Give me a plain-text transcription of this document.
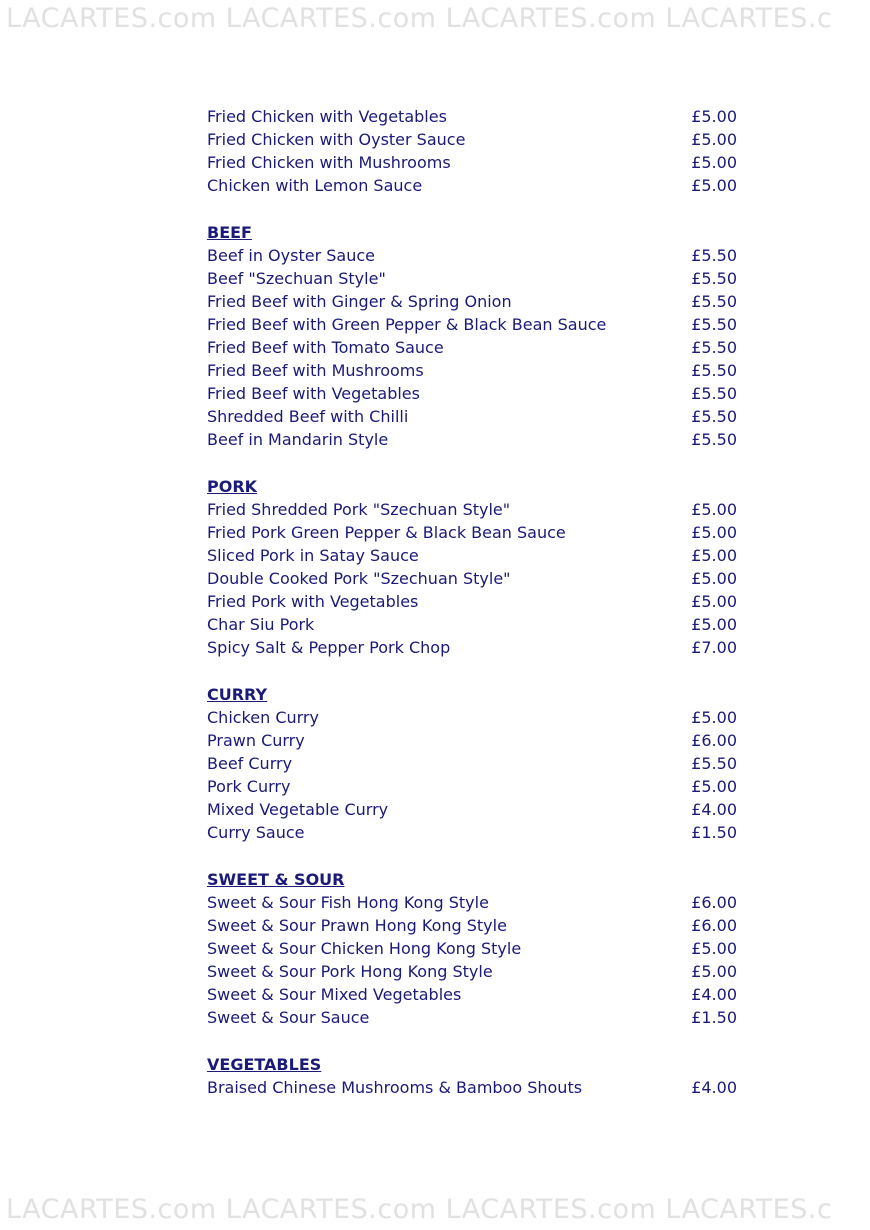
LACARTES.com LACARTES.com LACARTES.com LACARTES.c
Fried Chicken with Vegetables	£5.00
Fried Chicken with Oyster Sauce	£5.00
Fried Chicken with Mushrooms	£5.00
Chicken with Lemon Sauce	£5.00
BEEF
Beef in Oyster Sauce	£5.50
Beef "Szechuan Style"	£5.50
Fried Beef with Ginger & Spring Onion	£5.50
Fried Beef with Green Pepper & Black Bean Sauce	£5.50
Fried Beef with Tomato Sauce	£5.50
Fried Beef with Mushrooms	£5.50
Fried Beef with Vegetables	£5.50
Shredded Beef with Chilli	£5.50
Beef in Mandarin Style	£5.50
PORK
Fried Shredded Pork "Szechuan Style"	£5.00
Fried Pork Green Pepper & Black Bean Sauce	£5.00
Sliced Pork in Satay Sauce	£5.00
Double Cooked Pork "Szechuan Style"	£5.00
Fried Pork with Vegetables	£5.00
Char Siu Pork	£5.00
Spicy Salt & Pepper Pork Chop	£7.00
CURRY
Chicken Curry	£5.00
Prawn Curry	£6.00
Beef Curry	£5.50
Pork Curry	£5.00
Mixed Vegetable Curry	£4.00
Curry Sauce	£1.50
SWEET & SOUR
Sweet & Sour Fish Hong Kong Style	£6.00
Sweet & Sour Prawn Hong Kong Style	£6.00
Sweet & Sour Chicken Hong Kong Style	£5.00
Sweet & Sour Pork Hong Kong Style	£5.00
Sweet & Sour Mixed Vegetables	£4.00
Sweet & Sour Sauce	£1.50
VEGETABLES
Braised Chinese Mushrooms & Bamboo Shouts	£4.00
LACARTES.com LACARTES.com LACARTES.com LACARTES.c
